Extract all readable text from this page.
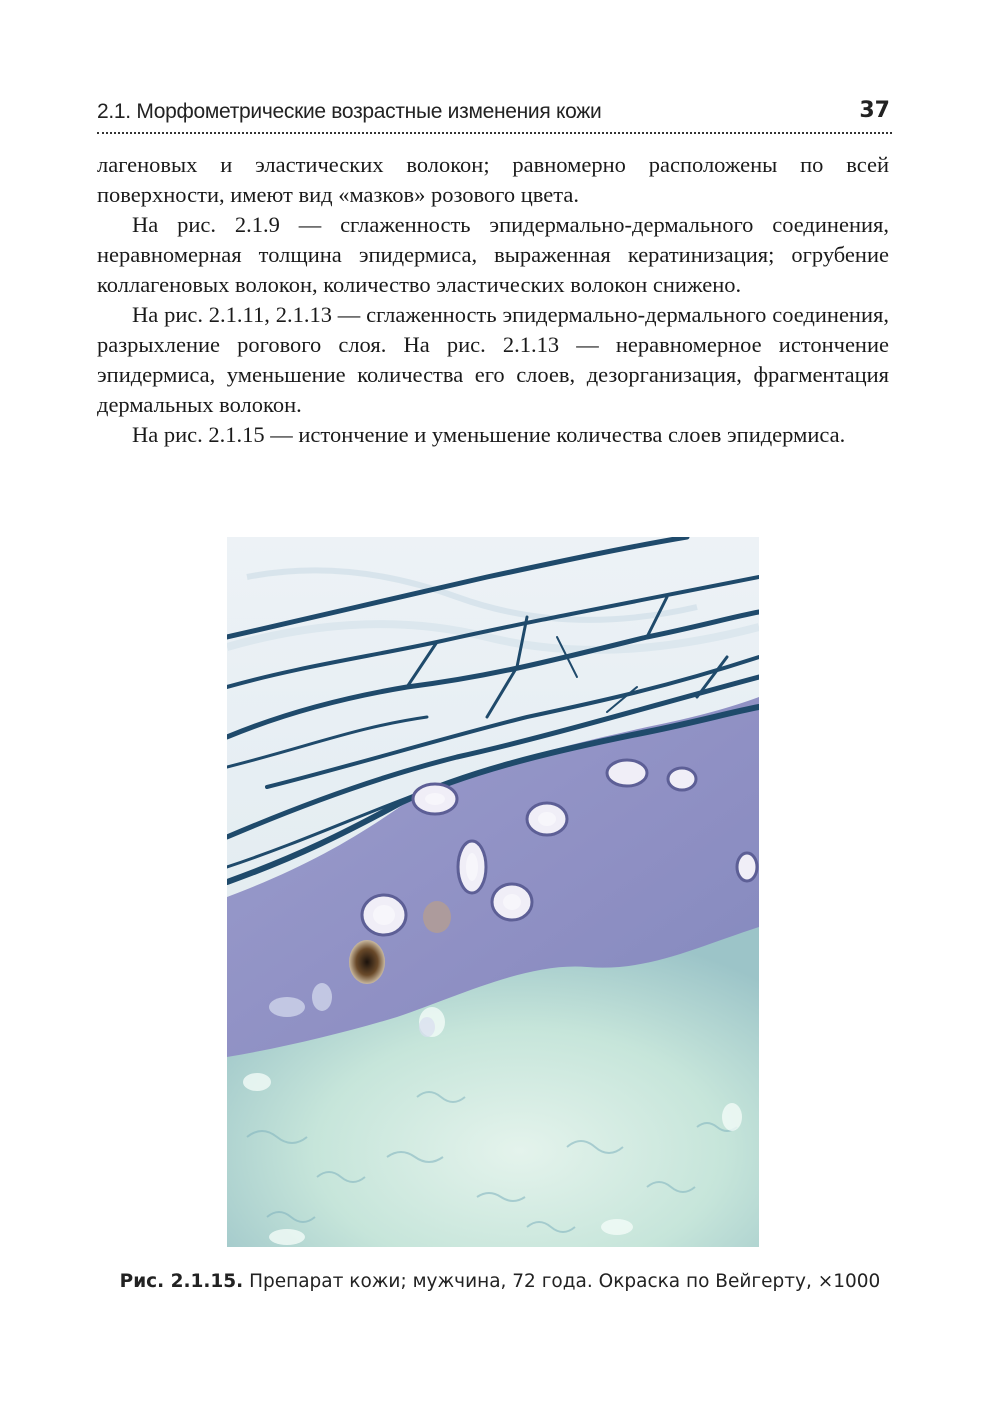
2.1. Морфометрические возрастные изменения кожи	37

лагеновых и эластических волокон; равномерно расположены по всей поверхности, имеют вид «мазков» розового цвета.

На рис. 2.1.9 — сглаженность эпидермально-дермального соединения, неравномерная толщина эпидермиса, выраженная кератинизация; огрубение коллагеновых волокон, количество эластических волокон снижено.

На рис. 2.1.11, 2.1.13 — сглаженность эпидермально-дермального соединения, разрыхление рогового слоя. На рис. 2.1.13 — неравномерное истончение эпидермиса, уменьшение количества его слоев, дезорганизация, фрагментация дермальных волокон.

На рис. 2.1.15 — истончение и уменьшение количества слоев эпидермиса.

Рис. 2.1.15. Препарат кожи; мужчина, 72 года. Окраска по Вейгерту, ×1000
